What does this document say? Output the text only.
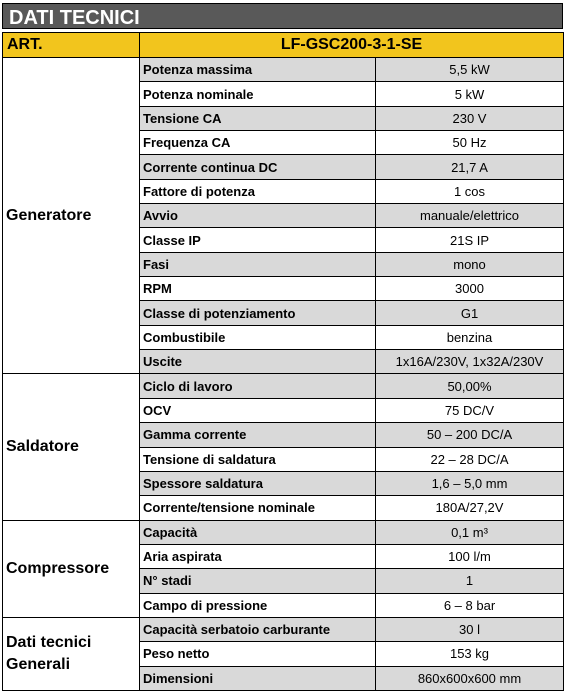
DATI TECNICI
ART.	LF-GSC200-3-1-SE	
Generatore	Potenza massima	5,5 kW
	Potenza nominale	5 kW
	Tensione CA	230 V
	Frequenza CA	50 Hz
	Corrente continua DC	21,7 A
	Fattore di potenza	1 cos
	Avvio	manuale/elettrico
	Classe IP	21S IP
	Fasi	mono
	RPM	3000
	Classe di potenziamento	G1
	Combustibile	benzina
	Uscite	1x16A/230V, 1x32A/230V
Saldatore	Ciclo di lavoro	50,00%
	OCV	75 DC/V
	Gamma corrente	50 – 200 DC/A
	Tensione di saldatura	22 – 28 DC/A
	Spessore saldatura	1,6 – 5,0 mm
	Corrente/tensione nominale	180A/27,2V
Compressore	Capacità	0,1 m³
	Aria aspirata	100 l/m
	N° stadi	1
	Campo di pressione	6 – 8 bar
Dati tecnici Generali	Capacità serbatoio carburante	30 l
	Peso netto	153 kg
	Dimensioni	860x600x600 mm
